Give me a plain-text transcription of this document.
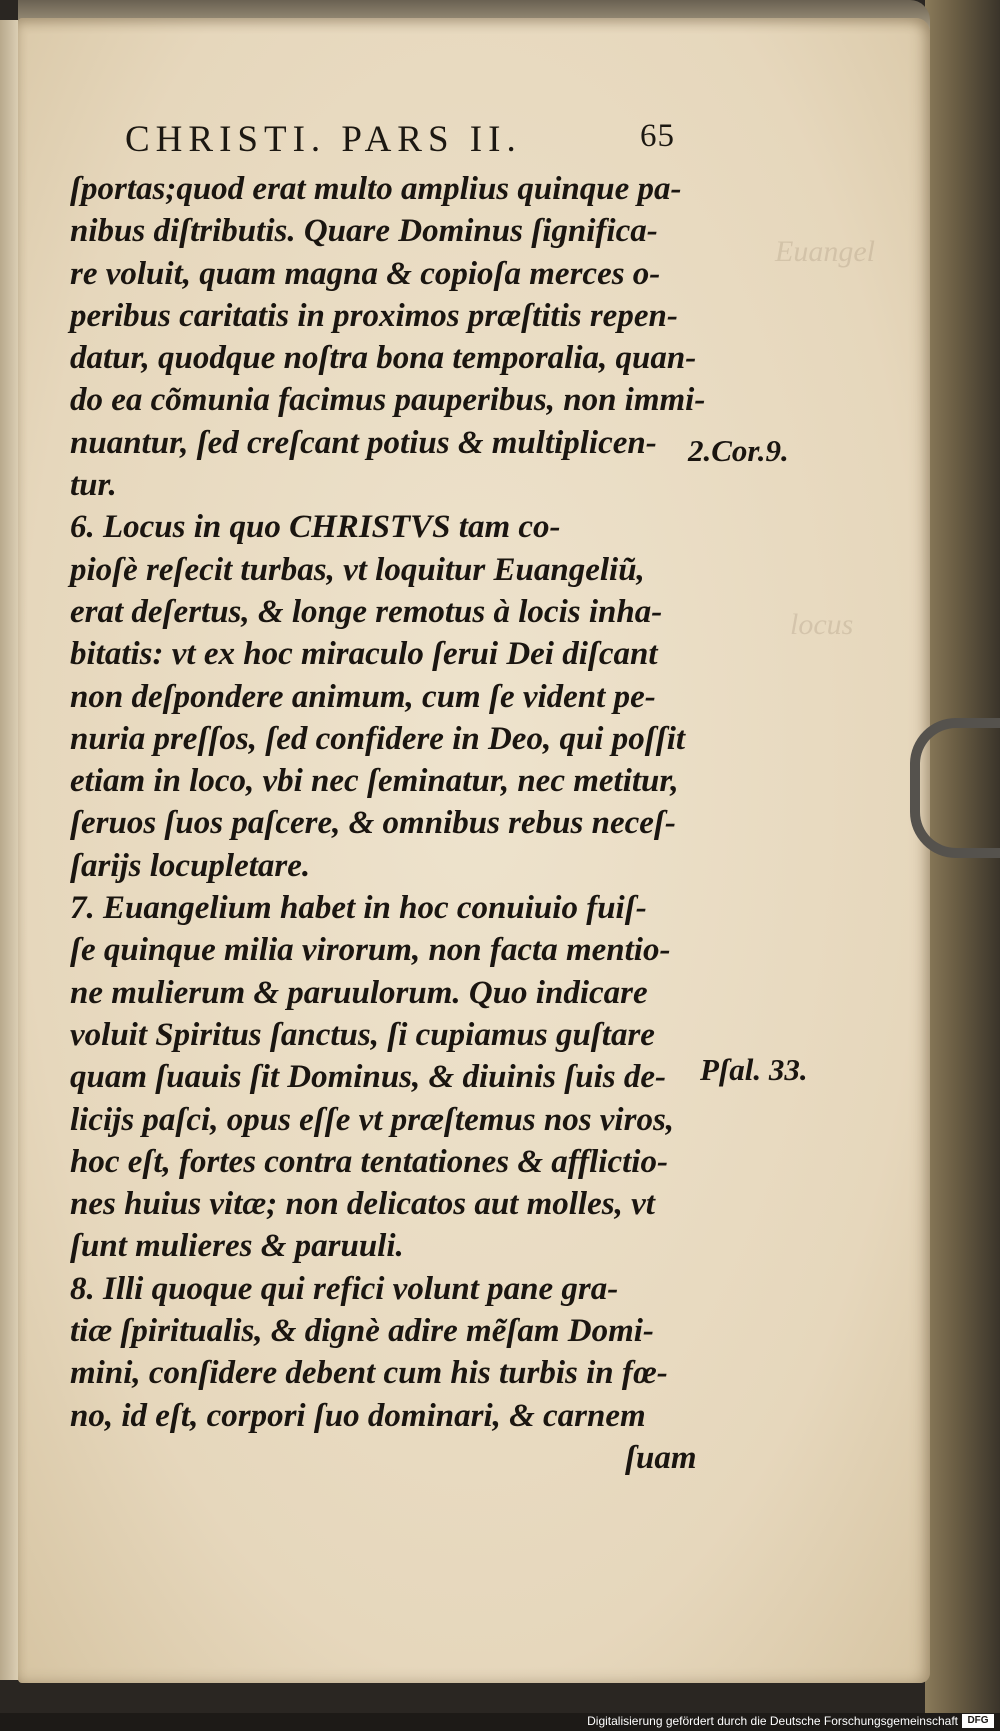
Euangel
locus
CHRISTI. PARS II.	65
ſportas;quod erat multo amplius quinque pa-
nibus diſtributis. Quare Dominus ſignifica-
re voluit, quam magna & copioſa merces o-
peribus caritatis in proximos præſtitis repen-
datur, quodque noſtra bona temporalia, quan-
do ea cõmunia facimus pauperibus, non immi-
nuantur, ſed creſcant potius & multiplicen-
tur.
6. Locus in quo CHRISTVS tam co-
pioſè reſecit turbas, vt loquitur Euangeliũ,
erat deſertus, & longe remotus à locis inha-
bitatis: vt ex hoc miraculo ſerui Dei diſcant
non deſpondere animum, cum ſe vident pe-
nuria preſſos, ſed confidere in Deo, qui poſſit
etiam in loco, vbi nec ſeminatur, nec metitur,
ſeruos ſuos paſcere, & omnibus rebus neceſ-
ſarijs locupletare.
7. Euangelium habet in hoc conuiuio fuiſ-
ſe quinque milia virorum, non facta mentio-
ne mulierum & paruulorum. Quo indicare
voluit Spiritus ſanctus, ſi cupiamus guſtare
quam ſuauis ſit Dominus, & diuinis ſuis de-
licijs paſci, opus eſſe vt præſtemus nos viros,
hoc eſt, fortes contra tentationes & afflictio-
nes huius vitæ; non delicatos aut molles, vt
ſunt mulieres & paruuli.
8. Illi quoque qui refici volunt pane gra-
tiæ ſpiritualis, & dignè adire mẽſam Domi-
mini, conſidere debent cum his turbis in fœ-
no, id eſt, corpori ſuo dominari, & carnem
ſuam
2.Cor.9.
Pſal. 33.
Digitalisierung gefördert durch die Deutsche Forschungsgemeinschaft DFG
